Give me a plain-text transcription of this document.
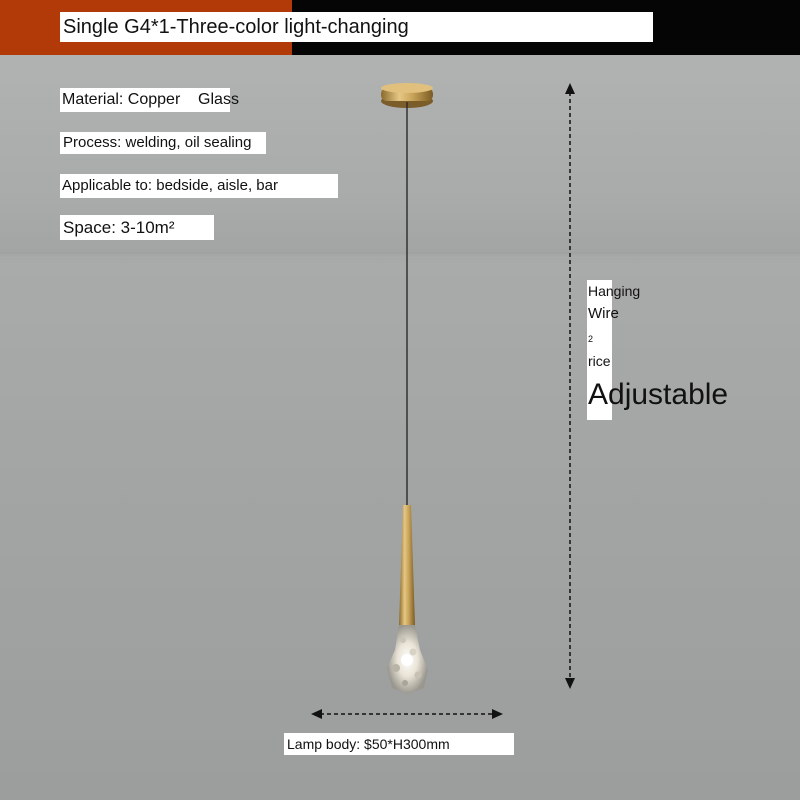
Single G4*1-Three-color light-changing
Material: Copper    Glass
Process: welding, oil sealing
Applicable to: bedside, aisle, bar
Space: 3-10m²
Hanging
Wire
2
rice
Adjustable
Lamp body: $50*H300mm
